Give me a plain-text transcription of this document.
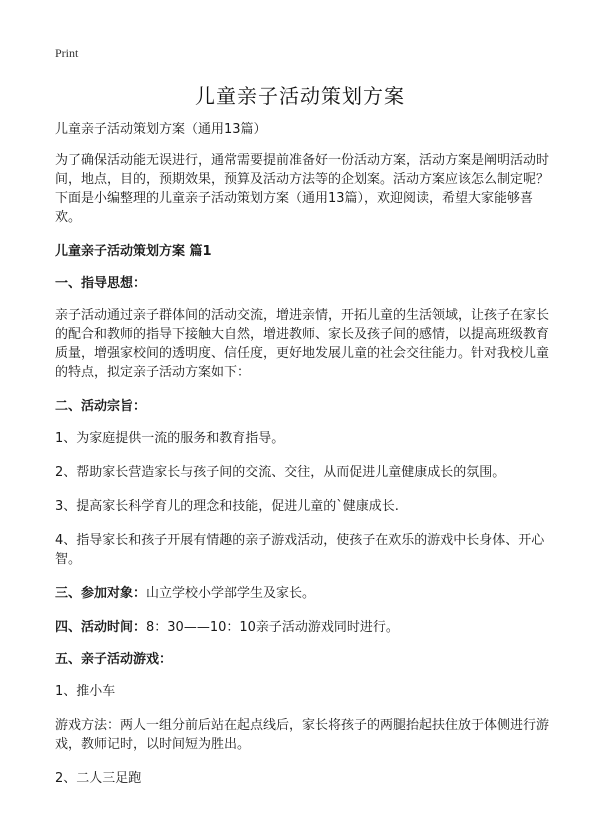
Print
儿童亲子活动策划方案

儿童亲子活动策划方案（通用13篇）

为了确保活动能无误进行，通常需要提前准备好一份活动方案，活动方案是阐明活动时间，地点，目的，预期效果，预算及活动方法等的企划案。活动方案应该怎么制定呢？下面是小编整理的儿童亲子活动策划方案（通用13篇），欢迎阅读，希望大家能够喜欢。

儿童亲子活动策划方案 篇1

一、指导思想：

亲子活动通过亲子群体间的活动交流，增进亲情，开拓儿童的生活领域，让孩子在家长的配合和教师的指导下接触大自然，增进教师、家长及孩子间的感情，以提高班级教育质量，增强家校间的透明度、信任度，更好地发展儿童的社会交往能力。针对我校儿童的特点，拟定亲子活动方案如下：

二、活动宗旨：

1、为家庭提供一流的服务和教育指导。

2、帮助家长营造家长与孩子间的交流、交往，从而促进儿童健康成长的氛围。

3、提高家长科学育儿的理念和技能，促进儿童的`健康成长.

4、指导家长和孩子开展有情趣的亲子游戏活动，使孩子在欢乐的游戏中长身体、开心智。

三、参加对象：山立学校小学部学生及家长。

四、活动时间：8：30——10：10亲子活动游戏同时进行。

五、亲子活动游戏：

1、推小车

游戏方法：两人一组分前后站在起点线后，家长将孩子的两腿抬起扶住放于体侧进行游戏，教师记时，以时间短为胜出。

2、二人三足跑
